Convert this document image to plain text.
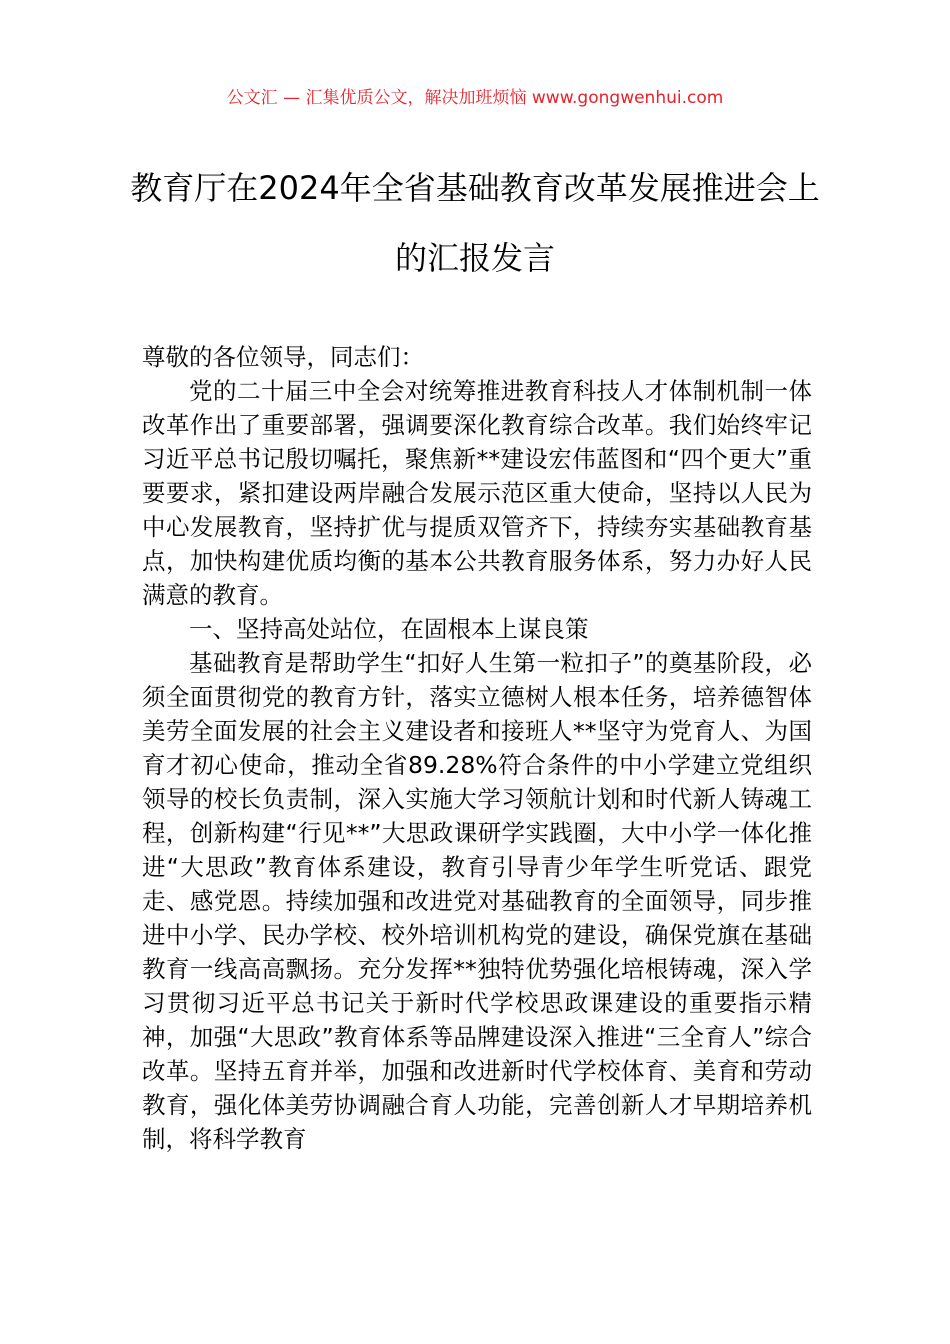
公文汇 — 汇集优质公文，解决加班烦恼 www.gongwenhui.com
教育厅在2024年全省基础教育改革发展推进会上的汇报发言

尊敬的各位领导，同志们：

党的二十届三中全会对统筹推进教育科技人才体制机制一体改革作出了重要部署，强调要深化教育综合改革。我们始终牢记习近平总书记殷切嘱托，聚焦新**建设宏伟蓝图和“四个更大”重要要求，紧扣建设两岸融合发展示范区重大使命，坚持以人民为中心发展教育，坚持扩优与提质双管齐下，持续夯实基础教育基点，加快构建优质均衡的基本公共教育服务体系，努力办好人民满意的教育。

一、坚持高处站位，在固根本上谋良策

基础教育是帮助学生“扣好人生第一粒扣子”的奠基阶段，必须全面贯彻党的教育方针，落实立德树人根本任务，培养德智体美劳全面发展的社会主义建设者和接班人**坚守为党育人、为国育才初心使命，推动全省89.28%符合条件的中小学建立党组织领导的校长负责制，深入实施大学习领航计划和时代新人铸魂工程，创新构建“行见**”大思政课研学实践圈，大中小学一体化推进“大思政”教育体系建设，教育引导青少年学生听党话、跟党走、感党恩。持续加强和改进党对基础教育的全面领导，同步推进中小学、民办学校、校外培训机构党的建设，确保党旗在基础教育一线高高飘扬。充分发挥**独特优势强化培根铸魂，深入学习贯彻习近平总书记关于新时代学校思政课建设的重要指示精神，加强“大思政”教育体系等品牌建设深入推进“三全育人”综合改革。坚持五育并举，加强和改进新时代学校体育、美育和劳动教育，强化体美劳协调融合育人功能，完善创新人才早期培养机制，将科学教育
